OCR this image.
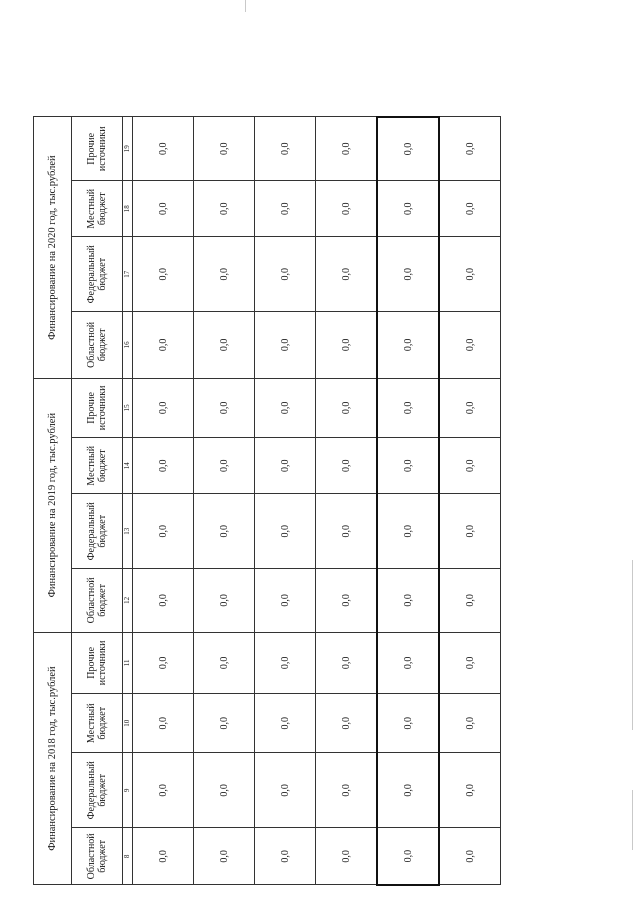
Финансирование на 2018 год, тыс.рублей				Финансирование на 2019 год, тыс.рублей				Финансирование на 2020 год, тыс.рублей			
Областной бюджет	Федеральный бюджет	Местный бюджет	Прочие источники	Областной бюджет	Федеральный бюджет	Местный бюджет	Прочие источники	Областной бюджет	Федеральный бюджет	Местный бюджет	Прочие источники
8	9	10	11	12	13	14	15	16	17	18	19
0,0	0,0	0,0	0,0	0,0	0,0	0,0	0,0	0,0	0,0	0,0	0,0
0,0	0,0	0,0	0,0	0,0	0,0	0,0	0,0	0,0	0,0	0,0	0,0
0,0	0,0	0,0	0,0	0,0	0,0	0,0	0,0	0,0	0,0	0,0	0,0
0,0	0,0	0,0	0,0	0,0	0,0	0,0	0,0	0,0	0,0	0,0	0,0
0,0	0,0	0,0	0,0	0,0	0,0	0,0	0,0	0,0	0,0	0,0	0,0
0,0	0,0	0,0	0,0	0,0	0,0	0,0	0,0	0,0	0,0	0,0	0,0
